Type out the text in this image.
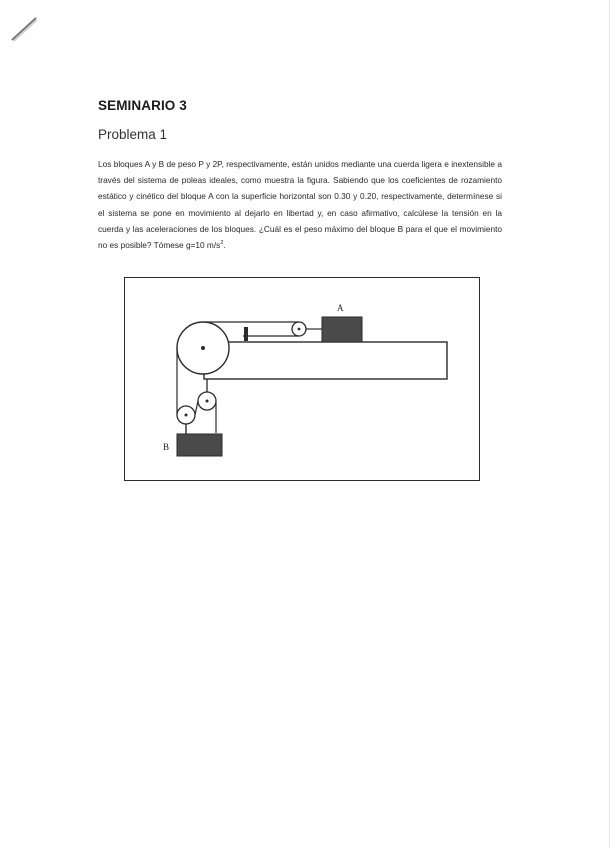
SEMINARIO 3
Problema 1
Los bloques A y B de peso P y 2P, respectivamente, están unidos mediante una cuerda ligera e inextensible a través del sistema de poleas ideales, como muestra la figura. Sabiendo que los coeficientes de rozamiento estático y cinético del bloque A con la superficie horizontal son 0.30 y 0.20, respectivamente, determínese si el sistema se pone en movimiento al dejarlo en libertad y, en caso afirmativo, calcúlese la tensión en la cuerda y las aceleraciones de los bloques. ¿Cuál es el peso máximo del bloque B para el que el movimiento no es posible? Tómese g=10 $m/s^2$.
A
B
